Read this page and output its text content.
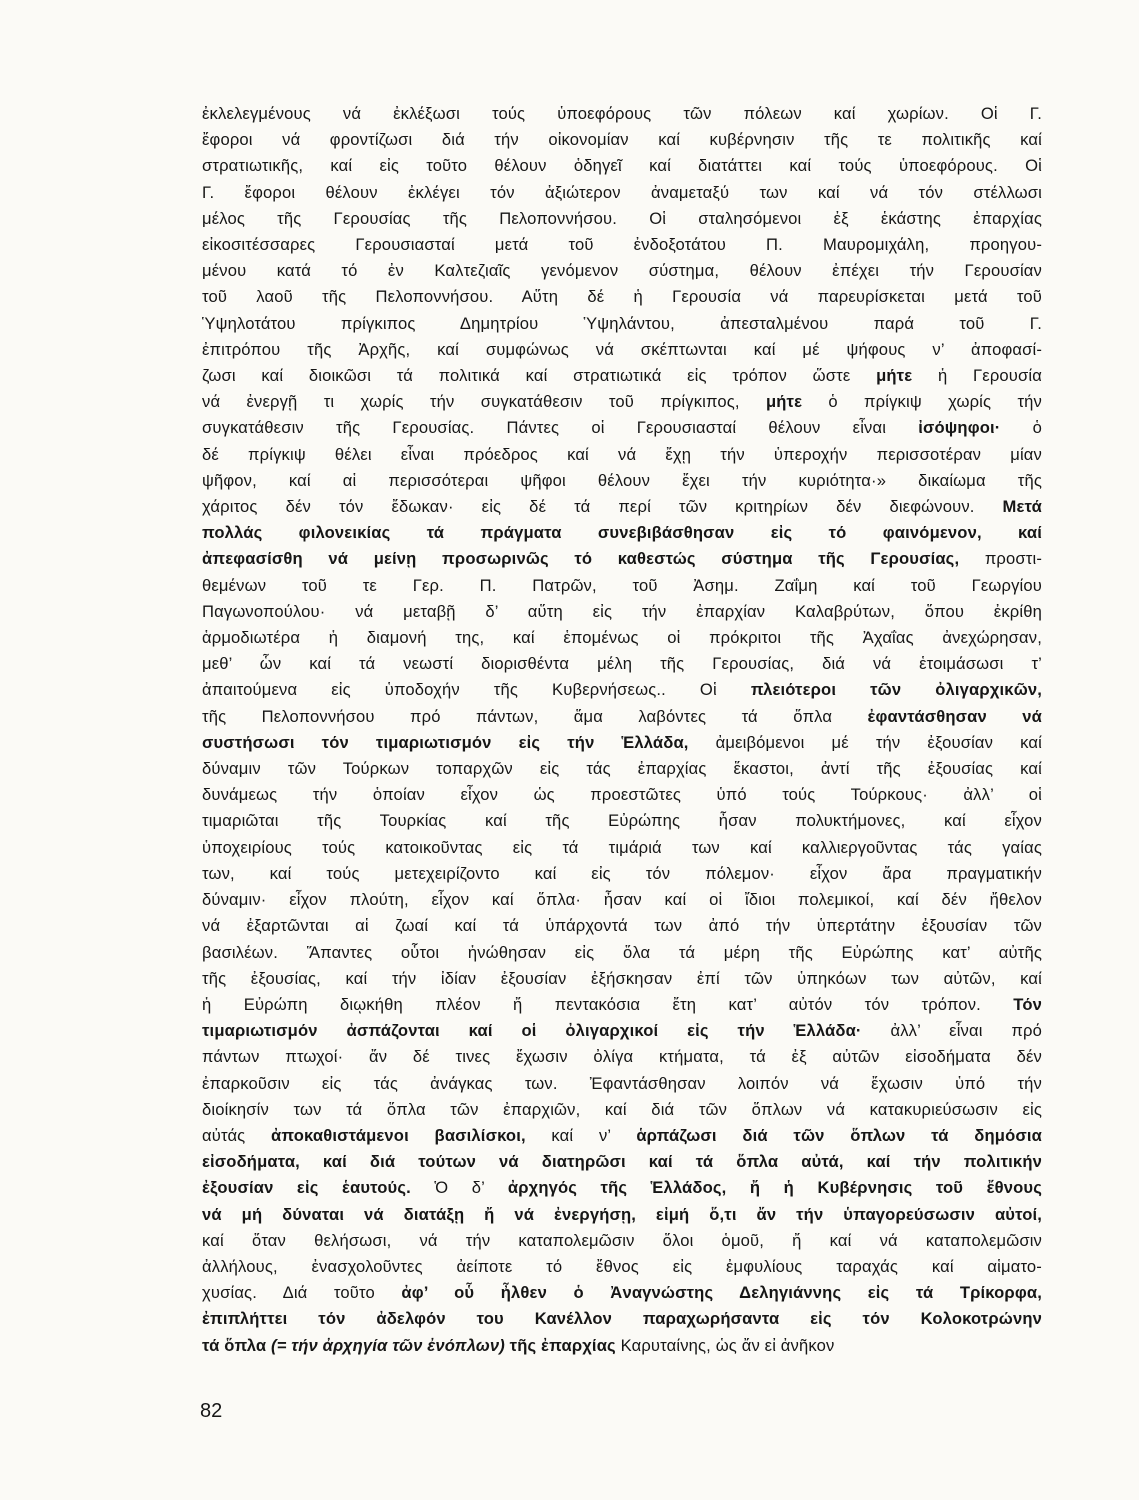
ἐκλελεγμένους νά ἐκλέξωσι τούς ὑποεφόρους τῶν πόλεων καί χωρίων. Οἱ Γ.
ἔφοροι νά φροντίζωσι διά τήν οἰκονομίαν καί κυβέρνησιν τῆς τε πολιτικῆς καί
στρατιωτικῆς, καί εἰς τοῦτο θέλουν ὁδηγεῖ καί διατάττει καί τούς ὑποεφόρους. Οἱ
Γ. ἔφοροι θέλουν ἐκλέγει τόν ἀξιώτερον ἀναμεταξύ των καί νά τόν στέλλωσι
μέλος τῆς Γερουσίας τῆς Πελοποννήσου. Οἱ σταλησόμενοι ἐξ ἑκάστης ἐπαρχίας
εἰκοσιτέσσαρες Γερουσιασταί μετά τοῦ ἐνδοξοτάτου Π. Μαυρομιχάλη, προηγου-
μένου κατά τό ἐν Καλτεζιαῖς γενόμενον σύστημα, θέλουν ἐπέχει τήν Γερουσίαν
τοῦ λαοῦ τῆς Πελοποννήσου. Αὕτη δέ ἡ Γερουσία νά παρευρίσκεται μετά τοῦ
Ὑψηλοτάτου πρίγκιπος Δημητρίου Ὑψηλάντου, ἀπεσταλμένου παρά τοῦ Γ.
ἐπιτρόπου τῆς Ἀρχῆς, καί συμφώνως νά σκέπτωνται καί μέ ψήφους ν’ ἀποφασί-
ζωσι καί διοικῶσι τά πολιτικά καί στρατιωτικά εἰς τρόπον ὥστε μήτε ἡ Γερουσία
νά ἐνεργῇ τι χωρίς τήν συγκατάθεσιν τοῦ πρίγκιπος, μήτε ὁ πρίγκιψ χωρίς τήν
συγκατάθεσιν τῆς Γερουσίας. Πάντες οἱ Γερουσιασταί θέλουν εἶναι ἰσόψηφοι· ὁ
δέ πρίγκιψ θέλει εἶναι πρόεδρος καί νά ἔχῃ τήν ὑπεροχήν περισσοτέραν μίαν
ψῆφον, καί αἱ περισσότεραι ψῆφοι θέλουν ἔχει τήν κυριότητα·» δικαίωμα τῆς
χάριτος δέν τόν ἔδωκαν· εἰς δέ τά περί τῶν κριτηρίων δέν διεφώνουν. Μετά
πολλάς φιλονεικίας τά πράγματα συνεβιβάσθησαν εἰς τό φαινόμενον, καί
ἀπεφασίσθη νά μείνῃ προσωρινῶς τό καθεστώς σύστημα τῆς Γερουσίας, προστι-
θεμένων τοῦ τε Γερ. Π. Πατρῶν, τοῦ Ἀσημ. Ζαΐμη καί τοῦ Γεωργίου
Παγωνοπούλου· νά μεταβῇ δ’ αὕτη εἰς τήν ἐπαρχίαν Καλαβρύτων, ὅπου ἐκρίθη
ἁρμοδιωτέρα ἡ διαμονή της, καί ἑπομένως οἱ πρόκριτοι τῆς Ἀχαΐας ἀνεχώρησαν,
μεθ’ ὧν καί τά νεωστί διορισθέντα μέλη τῆς Γερουσίας, διά νά ἑτοιμάσωσι τ’
ἀπαιτούμενα εἰς ὑποδοχήν τῆς Κυβερνήσεως.. Οἱ πλειότεροι τῶν ὀλιγαρχικῶν,
τῆς Πελοποννήσου πρό πάντων, ἅμα λαβόντες τά ὅπλα ἐφαντάσθησαν νά
συστήσωσι τόν τιμαριωτισμόν εἰς τήν Ἑλλάδα, ἀμειβόμενοι μέ τήν ἐξουσίαν καί
δύναμιν τῶν Τούρκων τοπαρχῶν εἰς τάς ἐπαρχίας ἕκαστοι, ἀντί τῆς ἐξουσίας καί
δυνάμεως τήν ὁποίαν εἶχον ὡς προεστῶτες ὑπό τούς Τούρκους· ἀλλ’ οἱ
τιμαριῶται τῆς Τουρκίας καί τῆς Εὐρώπης ἦσαν πολυκτήμονες, καί εἶχον
ὑποχειρίους τούς κατοικοῦντας εἰς τά τιμάριά των καί καλλιεργοῦντας τάς γαίας
των, καί τούς μετεχειρίζοντο καί εἰς τόν πόλεμον· εἶχον ἄρα πραγματικήν
δύναμιν· εἶχον πλούτη, εἶχον καί ὅπλα· ἦσαν καί οἱ ἴδιοι πολεμικοί, καί δέν ἤθελον
νά ἐξαρτῶνται αἱ ζωαί καί τά ὑπάρχοντά των ἀπό τήν ὑπερτάτην ἐξουσίαν τῶν
βασιλέων. Ἅπαντες οὗτοι ἡνώθησαν εἰς ὅλα τά μέρη τῆς Εὐρώπης κατ’ αὐτῆς
τῆς ἐξουσίας, καί τήν ἰδίαν ἐξουσίαν ἐξήσκησαν ἐπί τῶν ὑπηκόων των αὐτῶν, καί
ἡ Εὐρώπη διῳκήθη πλέον ἤ πεντακόσια ἔτη κατ’ αὐτόν τόν τρόπον. Τόν
τιμαριωτισμόν ἀσπάζονται καί οἱ ὀλιγαρχικοί εἰς τήν Ἑλλάδα· ἀλλ’ εἶναι πρό
πάντων πτωχοί· ἄν δέ τινες ἔχωσιν ὀλίγα κτήματα, τά ἐξ αὐτῶν εἰσοδήματα δέν
ἐπαρκοῦσιν εἰς τάς ἀνάγκας των. Ἐφαντάσθησαν λοιπόν νά ἔχωσιν ὑπό τήν
διοίκησίν των τά ὅπλα τῶν ἐπαρχιῶν, καί διά τῶν ὅπλων νά κατακυριεύσωσιν εἰς
αὐτάς ἀποκαθιστάμενοι βασιλίσκοι, καί ν’ ἁρπάζωσι διά τῶν ὅπλων τά δημόσια
εἰσοδήματα, καί διά τούτων νά διατηρῶσι καί τά ὅπλα αὐτά, καί τήν πολιτικήν
ἐξουσίαν εἰς ἑαυτούς. Ὁ δ’ ἀρχηγός τῆς Ἑλλάδος, ἤ ἡ Κυβέρνησις τοῦ ἔθνους
νά μή δύναται νά διατάξῃ ἤ νά ἐνεργήσῃ, εἰμή ὅ,τι ἄν τήν ὑπαγορεύσωσιν αὐτοί,
καί ὅταν θελήσωσι, νά τήν καταπολεμῶσιν ὅλοι ὁμοῦ, ἤ καί νά καταπολεμῶσιν
ἀλλήλους, ἐνασχολοῦντες ἀείποτε τό ἔθνος εἰς ἐμφυλίους ταραχάς καί αἱματο-
χυσίας. Διά τοῦτο ἀφ’ οὗ ἦλθεν ὁ Ἀναγνώστης Δεληγιάννης εἰς τά Τρίκορφα,
ἐπιπλήττει τόν ἀδελφόν του Κανέλλον παραχωρήσαντα εἰς τόν Κολοκοτρώνην
τά ὅπλα (= τήν ἀρχηγία τῶν ἐνόπλων) τῆς ἐπαρχίας Καρυταίνης, ὡς ἄν εἰ ἀνῆκον
82
